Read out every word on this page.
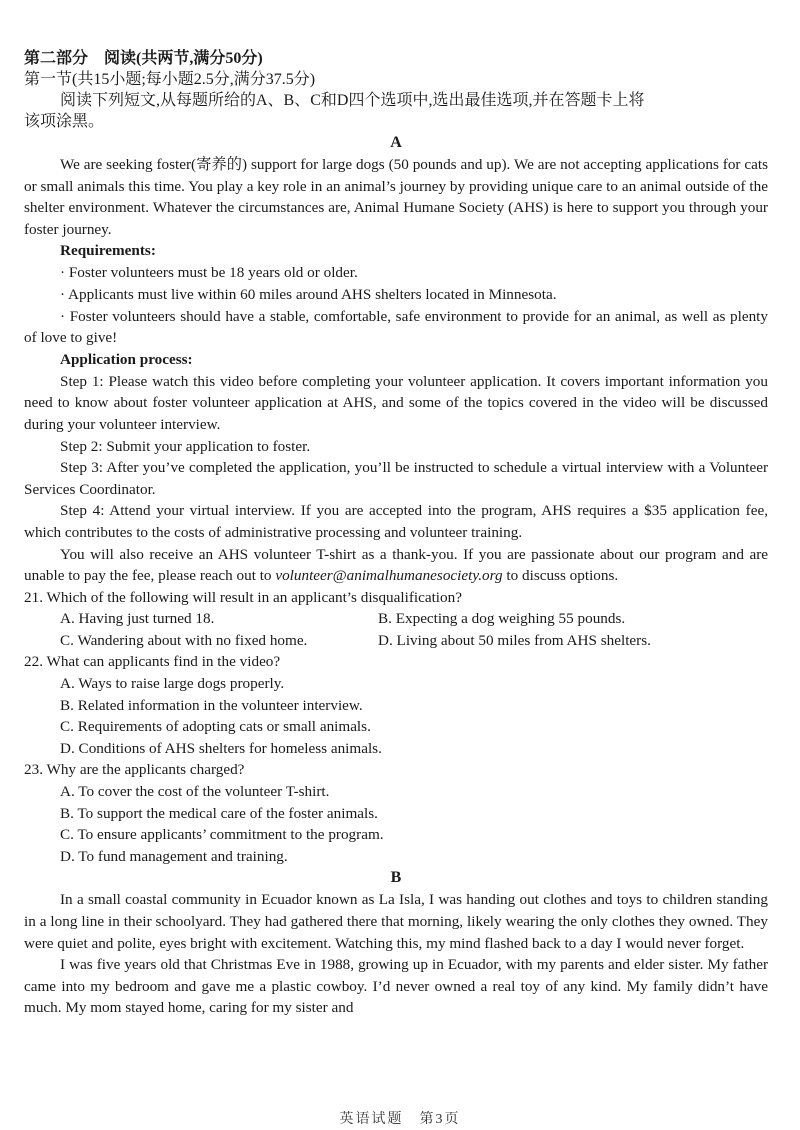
第二部分　阅读(共两节,满分50分)
第一节(共15小题;每小题2.5分,满分37.5分)
阅读下列短文,从每题所给的A、B、C和D四个选项中,选出最佳选项,并在答题卡上将
该项涂黑。
A

We are seeking foster(寄养的) support for large dogs (50 pounds and up). We are not accepting applications for cats or small animals this time. You play a key role in an animal’s journey by providing unique care to an animal outside of the shelter environment. Whatever the circumstances are, Animal Humane Society (AHS) is here to support you through your foster journey.

Requirements:
· Foster volunteers must be 18 years old or older.
· Applicants must live within 60 miles around AHS shelters located in Minnesota.
· Foster volunteers should have a stable, comfortable, safe environment to provide for an animal, as well as plenty of love to give!
Application process:

Step 1: Please watch this video before completing your volunteer application. It covers important information you need to know about foster volunteer application at AHS, and some of the topics covered in the video will be discussed during your volunteer interview.

Step 2: Submit your application to foster.

Step 3: After you’ve completed the application, you’ll be instructed to schedule a virtual interview with a Volunteer Services Coordinator.

Step 4: Attend your virtual interview. If you are accepted into the program, AHS requires a $35 application fee, which contributes to the costs of administrative processing and volunteer training.

You will also receive an AHS volunteer T-shirt as a thank-you. If you are passionate about our program and are unable to pay the fee, please reach out to volunteer@animalhumanesociety.org to discuss options.

21. Which of the following will result in an applicant’s disqualification?
A. Having just turned 18.	B. Expecting a dog weighing 55 pounds.
C. Wandering about with no fixed home.	D. Living about 50 miles from AHS shelters.
22. What can applicants find in the video?
A. Ways to raise large dogs properly.
B. Related information in the volunteer interview.
C. Requirements of adopting cats or small animals.
D. Conditions of AHS shelters for homeless animals.
23. Why are the applicants charged?
A. To cover the cost of the volunteer T-shirt.
B. To support the medical care of the foster animals.
C. To ensure applicants’ commitment to the program.
D. To fund management and training.
B

In a small coastal community in Ecuador known as La Isla, I was handing out clothes and toys to children standing in a long line in their schoolyard. They had gathered there that morning, likely wearing the only clothes they owned. They were quiet and polite, eyes bright with excitement. Watching this, my mind flashed back to a day I would never forget.

I was five years old that Christmas Eve in 1988, growing up in Ecuador, with my parents and elder sister. My father came into my bedroom and gave me a plastic cowboy. I’d never owned a real toy of any kind. My family didn’t have much. My mom stayed home, caring for my sister and

英语试题　第3页
